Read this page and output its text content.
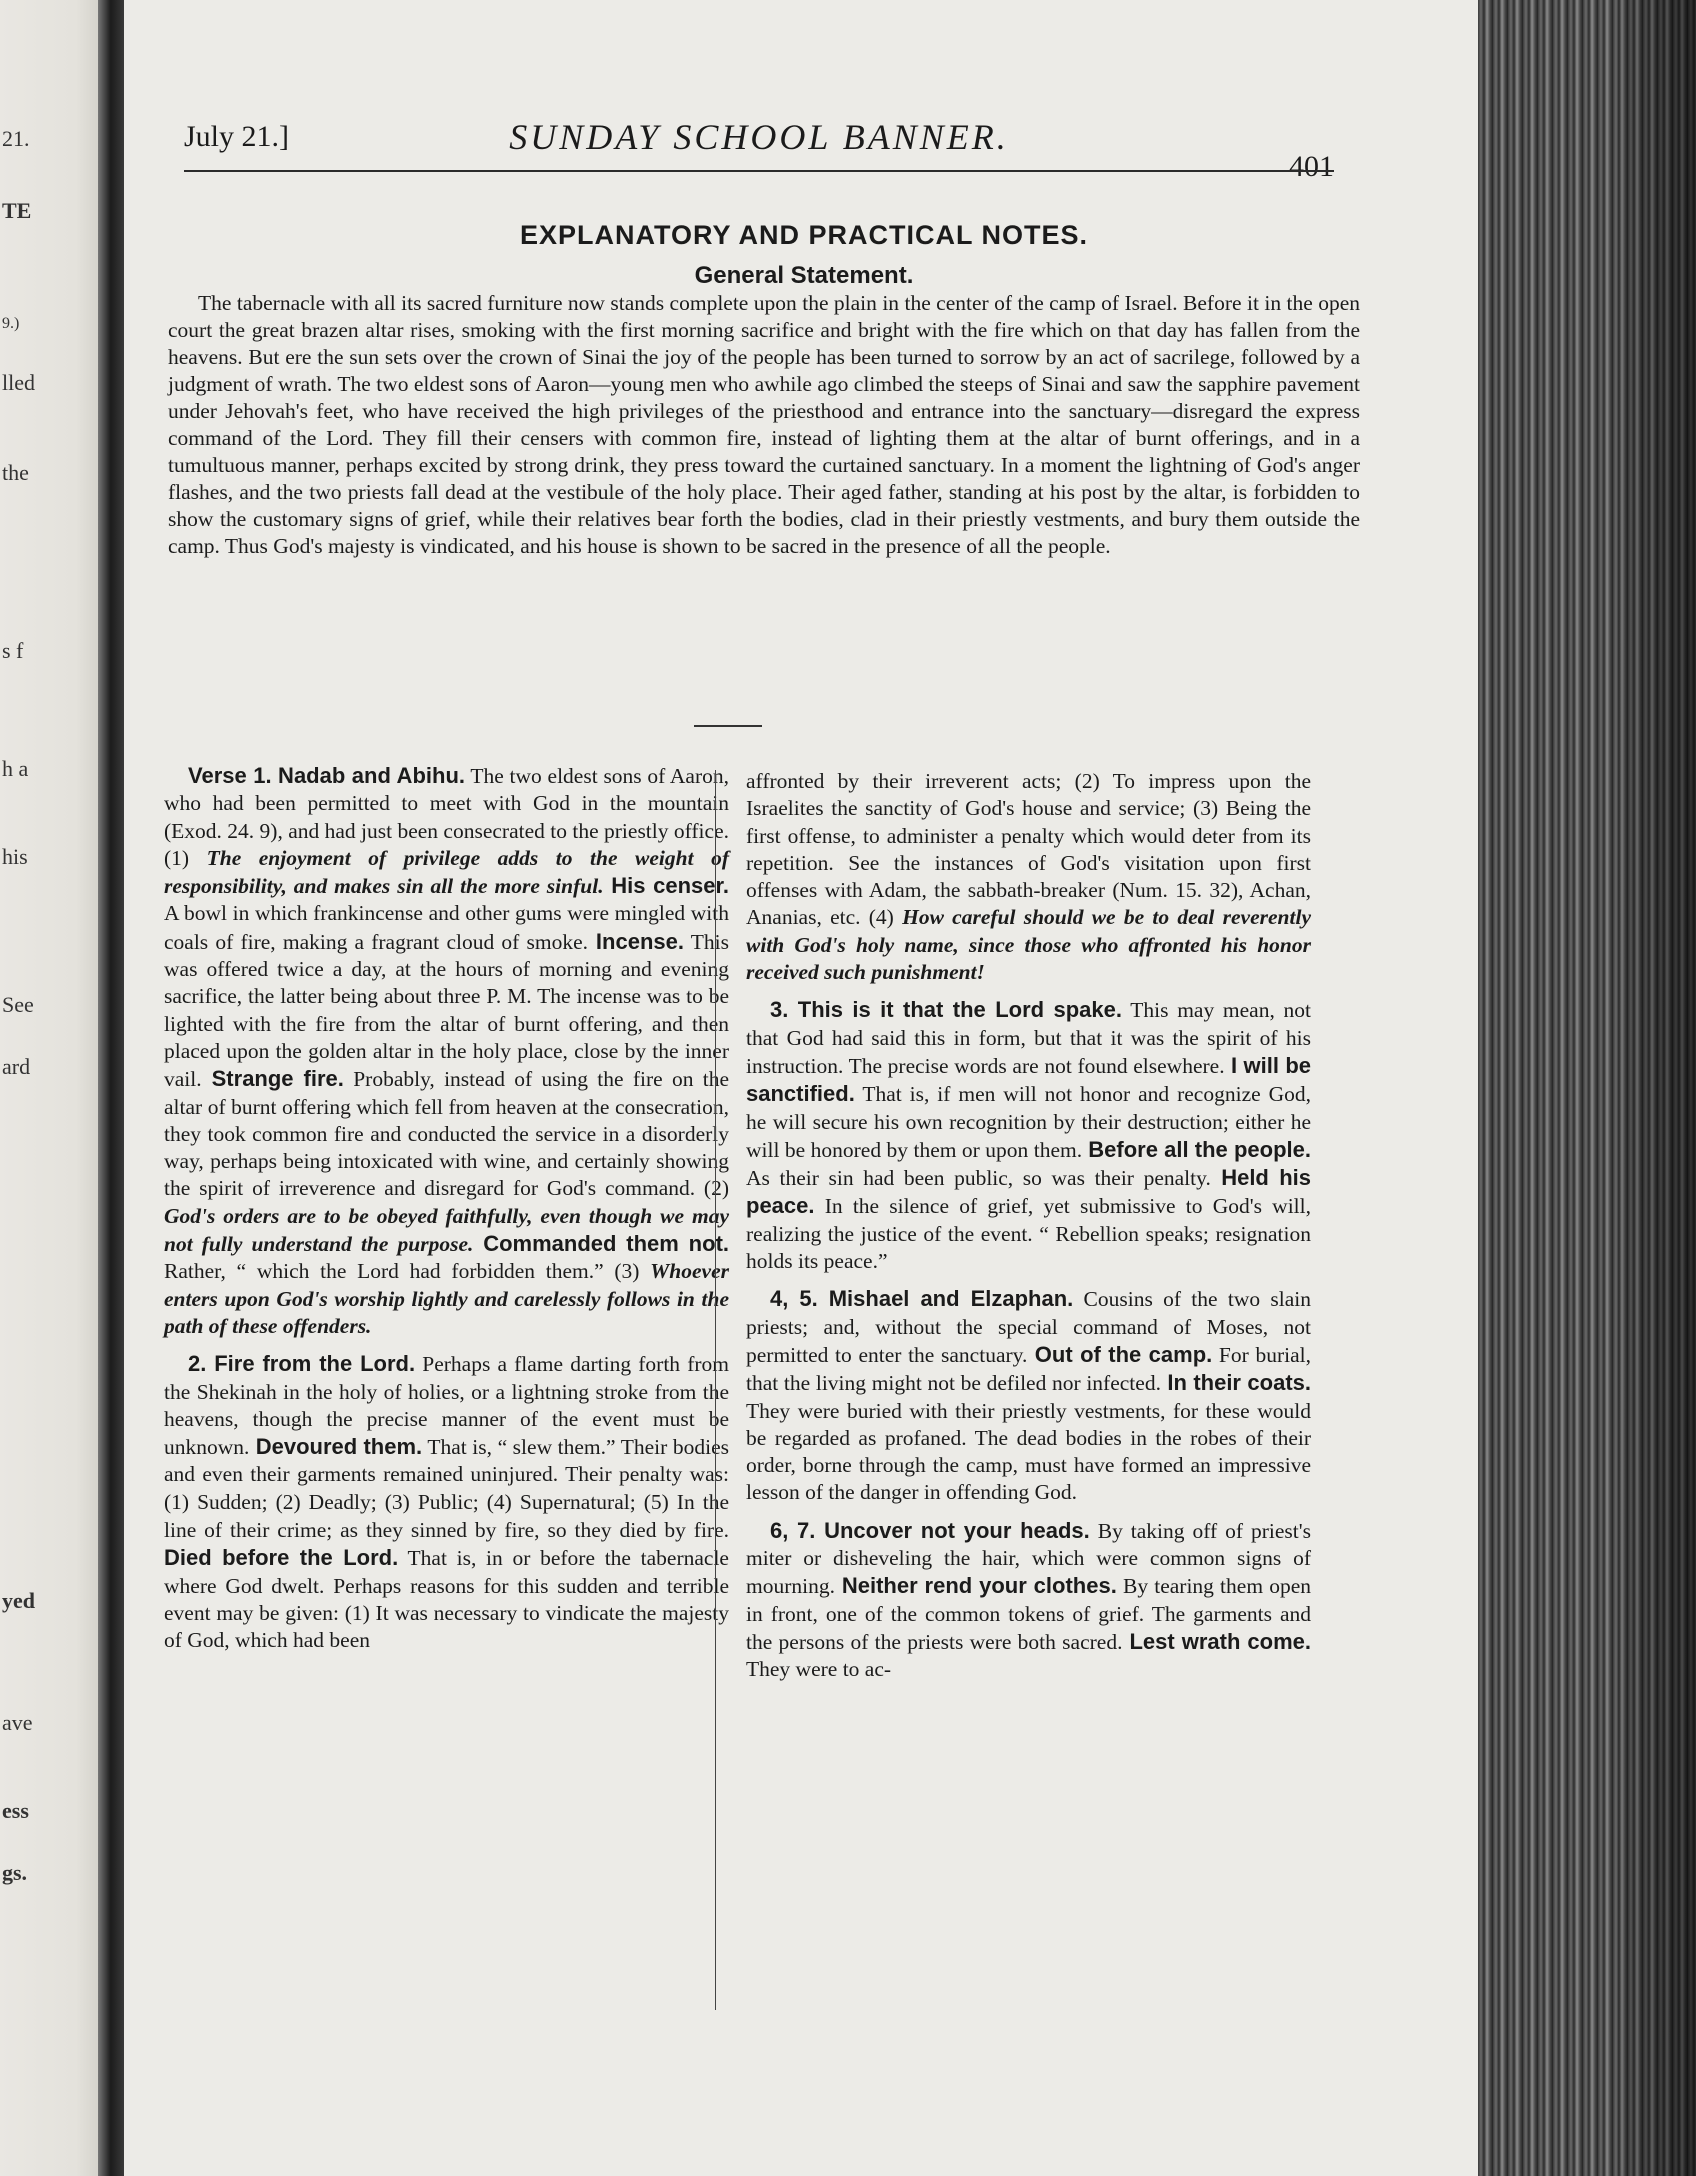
21.
TE
9.)
lled
the
s f
h a
his
See
ard
yed
ave
ess
gs.
July 21.]	SUNDAY SCHOOL BANNER.
401
EXPLANATORY AND PRACTICAL NOTES.
General Statement.

The tabernacle with all its sacred furniture now stands complete upon the plain in the center of the camp of Israel. Before it in the open court the great brazen altar rises, smoking with the first morning sacrifice and bright with the fire which on that day has fallen from the heavens. But ere the sun sets over the crown of Sinai the joy of the people has been turned to sorrow by an act of sacrilege, followed by a judgment of wrath. The two eldest sons of Aaron—young men who awhile ago climbed the steeps of Sinai and saw the sapphire pavement under Jehovah's feet, who have received the high privileges of the priesthood and entrance into the sanctuary—disregard the express command of the Lord. They fill their censers with common fire, instead of lighting them at the altar of burnt offerings, and in a tumultuous manner, perhaps excited by strong drink, they press toward the curtained sanctuary. In a moment the lightning of God's anger flashes, and the two priests fall dead at the vestibule of the holy place. Their aged father, standing at his post by the altar, is forbidden to show the customary signs of grief, while their relatives bear forth the bodies, clad in their priestly vestments, and bury them outside the camp. Thus God's majesty is vindicated, and his house is shown to be sacred in the presence of all the people.

Verse 1. Nadab and Abihu. The two eldest sons of Aaron, who had been permitted to meet with God in the mountain (Exod. 24. 9), and had just been consecrated to the priestly office. (1) The enjoyment of privilege adds to the weight of responsibility, and makes sin all the more sinful. His censer. A bowl in which frankincense and other gums were mingled with coals of fire, making a fragrant cloud of smoke. Incense. This was offered twice a day, at the hours of morning and evening sacrifice, the latter being about three P. M. The incense was to be lighted with the fire from the altar of burnt offering, and then placed upon the golden altar in the holy place, close by the inner vail. Strange fire. Probably, instead of using the fire on the altar of burnt offering which fell from heaven at the consecration, they took common fire and conducted the service in a disorderly way, perhaps being intoxicated with wine, and certainly showing the spirit of irreverence and disregard for God's command. (2) God's orders are to be obeyed faithfully, even though we may not fully understand the purpose. Commanded them not. Rather, “ which the Lord had forbidden them.” (3) Whoever enters upon God's worship lightly and carelessly follows in the path of these offenders.

2. Fire from the Lord. Perhaps a flame darting forth from the Shekinah in the holy of holies, or a lightning stroke from the heavens, though the precise manner of the event must be unknown. Devoured them. That is, “ slew them.” Their bodies and even their garments remained uninjured. Their penalty was: (1) Sudden; (2) Deadly; (3) Public; (4) Supernatural; (5) In the line of their crime; as they sinned by fire, so they died by fire. Died before the Lord. That is, in or before the tabernacle where God dwelt. Perhaps reasons for this sudden and terrible event may be given: (1) It was necessary to vindicate the majesty of God, which had been

affronted by their irreverent acts; (2) To impress upon the Israelites the sanctity of God's house and service; (3) Being the first offense, to administer a penalty which would deter from its repetition. See the instances of God's visitation upon first offenses with Adam, the sabbath-breaker (Num. 15. 32), Achan, Ananias, etc. (4) How careful should we be to deal reverently with God's holy name, since those who affronted his honor received such punishment!

3. This is it that the Lord spake. This may mean, not that God had said this in form, but that it was the spirit of his instruction. The precise words are not found elsewhere. I will be sanctified. That is, if men will not honor and recognize God, he will secure his own recognition by their destruction; either he will be honored by them or upon them. Before all the people. As their sin had been public, so was their penalty. Held his peace. In the silence of grief, yet submissive to God's will, realizing the justice of the event. “ Rebellion speaks; resignation holds its peace.”

4, 5. Mishael and Elzaphan. Cousins of the two slain priests; and, without the special command of Moses, not permitted to enter the sanctuary. Out of the camp. For burial, that the living might not be defiled nor infected. In their coats. They were buried with their priestly vestments, for these would be regarded as profaned. The dead bodies in the robes of their order, borne through the camp, must have formed an impressive lesson of the danger in offending God.

6, 7. Uncover not your heads. By taking off of priest's miter or disheveling the hair, which were common signs of mourning. Neither rend your clothes. By tearing them open in front, one of the common tokens of grief. The garments and the persons of the priests were both sacred. Lest wrath come. They were to ac-
